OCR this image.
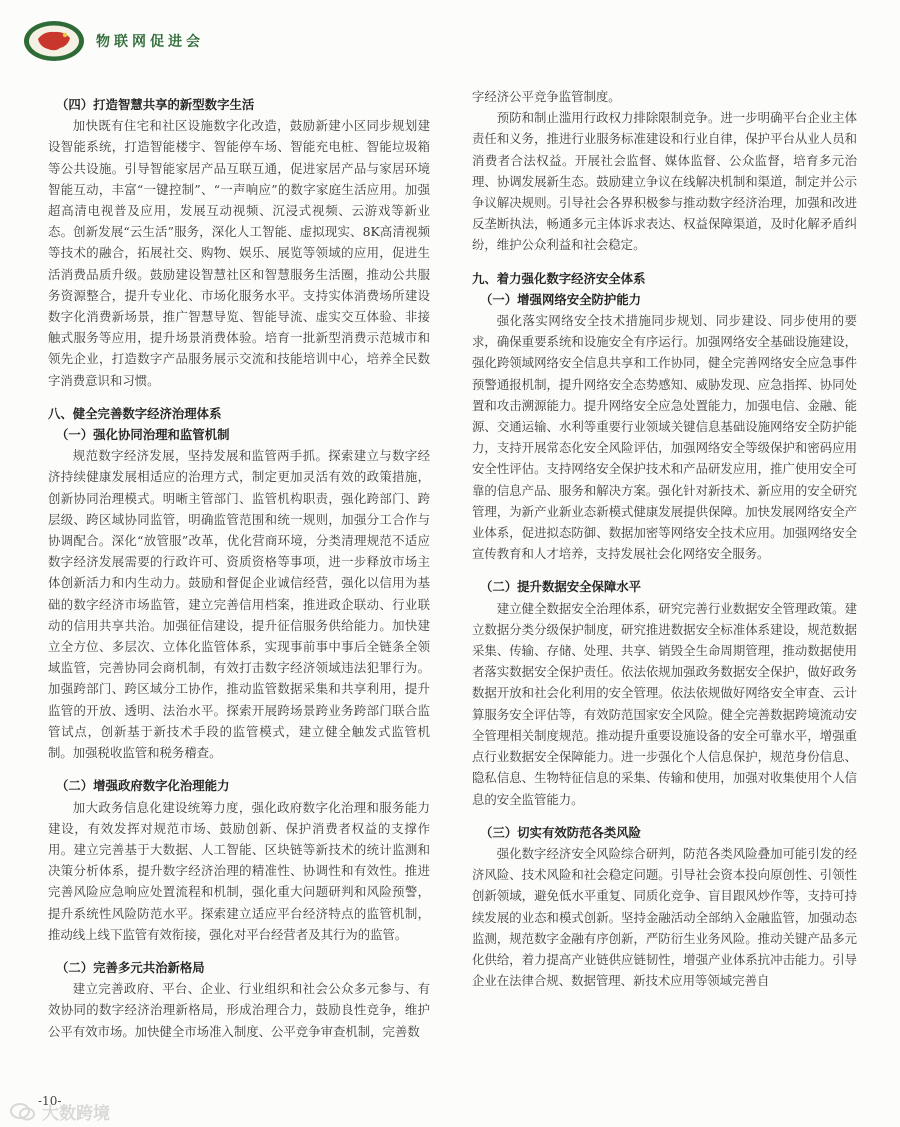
物联网促进会

（四）打造智慧共享的新型数字生活

加快既有住宅和社区设施数字化改造，鼓励新建小区同步规划建设智能系统，打造智能楼宇、智能停车场、智能充电桩、智能垃圾箱等公共设施。引导智能家居产品互联互通，促进家居产品与家居环境智能互动，丰富“一键控制”、“一声响应”的数字家庭生活应用。加强超高清电视普及应用，发展互动视频、沉浸式视频、云游戏等新业态。创新发展“云生活”服务，深化人工智能、虚拟现实、8K高清视频等技术的融合，拓展社交、购物、娱乐、展览等领域的应用，促进生活消费品质升级。鼓励建设智慧社区和智慧服务生活圈，推动公共服务资源整合，提升专业化、市场化服务水平。支持实体消费场所建设数字化消费新场景，推广智慧导览、智能导流、虚实交互体验、非接触式服务等应用，提升场景消费体验。培育一批新型消费示范城市和领先企业，打造数字产品服务展示交流和技能培训中心，培养全民数字消费意识和习惯。

八、健全完善数字经济治理体系

（一）强化协同治理和监管机制

规范数字经济发展，坚持发展和监管两手抓。探索建立与数字经济持续健康发展相适应的治理方式，制定更加灵活有效的政策措施，创新协同治理模式。明晰主管部门、监管机构职责，强化跨部门、跨层级、跨区域协同监管，明确监管范围和统一规则，加强分工合作与协调配合。深化“放管服”改革，优化营商环境，分类清理规范不适应数字经济发展需要的行政许可、资质资格等事项，进一步释放市场主体创新活力和内生动力。鼓励和督促企业诚信经营，强化以信用为基础的数字经济市场监管，建立完善信用档案，推进政企联动、行业联动的信用共享共治。加强征信建设，提升征信服务供给能力。加快建立全方位、多层次、立体化监管体系，实现事前事中事后全链条全领域监管，完善协同会商机制，有效打击数字经济领域违法犯罪行为。加强跨部门、跨区域分工协作，推动监管数据采集和共享利用，提升监管的开放、透明、法治水平。探索开展跨场景跨业务跨部门联合监管试点，创新基于新技术手段的监管模式，建立健全触发式监管机制。加强税收监管和税务稽查。

（二）增强政府数字化治理能力

加大政务信息化建设统筹力度，强化政府数字化治理和服务能力建设，有效发挥对规范市场、鼓励创新、保护消费者权益的支撑作用。建立完善基于大数据、人工智能、区块链等新技术的统计监测和决策分析体系，提升数字经济治理的精准性、协调性和有效性。推进完善风险应急响应处置流程和机制，强化重大问题研判和风险预警，提升系统性风险防范水平。探索建立适应平台经济特点的监管机制，推动线上线下监管有效衔接，强化对平台经营者及其行为的监管。

（二）完善多元共治新格局

建立完善政府、平台、企业、行业组织和社会公众多元参与、有效协同的数字经济治理新格局，形成治理合力，鼓励良性竞争，维护公平有效市场。加快健全市场准入制度、公平竞争审查机制，完善数

字经济公平竞争监管制度。

预防和制止滥用行政权力排除限制竞争。进一步明确平台企业主体责任和义务，推进行业服务标准建设和行业自律，保护平台从业人员和消费者合法权益。开展社会监督、媒体监督、公众监督，培育多元治理、协调发展新生态。鼓励建立争议在线解决机制和渠道，制定并公示争议解决规则。引导社会各界积极参与推动数字经济治理，加强和改进反垄断执法，畅通多元主体诉求表达、权益保障渠道，及时化解矛盾纠纷，维护公众利益和社会稳定。

九、着力强化数字经济安全体系

（一）增强网络安全防护能力

强化落实网络安全技术措施同步规划、同步建设、同步使用的要求，确保重要系统和设施安全有序运行。加强网络安全基础设施建设，强化跨领域网络安全信息共享和工作协同，健全完善网络安全应急事件预警通报机制，提升网络安全态势感知、威胁发现、应急指挥、协同处置和攻击溯源能力。提升网络安全应急处置能力，加强电信、金融、能源、交通运输、水利等重要行业领域关键信息基础设施网络安全防护能力，支持开展常态化安全风险评估，加强网络安全等级保护和密码应用安全性评估。支持网络安全保护技术和产品研发应用，推广使用安全可靠的信息产品、服务和解决方案。强化针对新技术、新应用的安全研究管理，为新产业新业态新模式健康发展提供保障。加快发展网络安全产业体系，促进拟态防御、数据加密等网络安全技术应用。加强网络安全宣传教育和人才培养，支持发展社会化网络安全服务。

（二）提升数据安全保障水平

建立健全数据安全治理体系，研究完善行业数据安全管理政策。建立数据分类分级保护制度，研究推进数据安全标准体系建设，规范数据采集、传输、存储、处理、共享、销毁全生命周期管理，推动数据使用者落实数据安全保护责任。依法依规加强政务数据安全保护，做好政务数据开放和社会化利用的安全管理。依法依规做好网络安全审查、云计算服务安全评估等，有效防范国家安全风险。健全完善数据跨境流动安全管理相关制度规范。推动提升重要设施设备的安全可靠水平，增强重点行业数据安全保障能力。进一步强化个人信息保护，规范身份信息、隐私信息、生物特征信息的采集、传输和使用，加强对收集使用个人信息的安全监管能力。

（三）切实有效防范各类风险

强化数字经济安全风险综合研判，防范各类风险叠加可能引发的经济风险、技术风险和社会稳定问题。引导社会资本投向原创性、引领性创新领域，避免低水平重复、同质化竞争、盲目跟风炒作等，支持可持续发展的业态和模式创新。坚持金融活动全部纳入金融监管，加强动态监测，规范数字金融有序创新，严防衍生业务风险。推动关键产品多元化供给，着力提高产业链供应链韧性，增强产业体系抗冲击能力。引导企业在法律合规、数据管理、新技术应用等领域完善自

-10-
大数跨境
